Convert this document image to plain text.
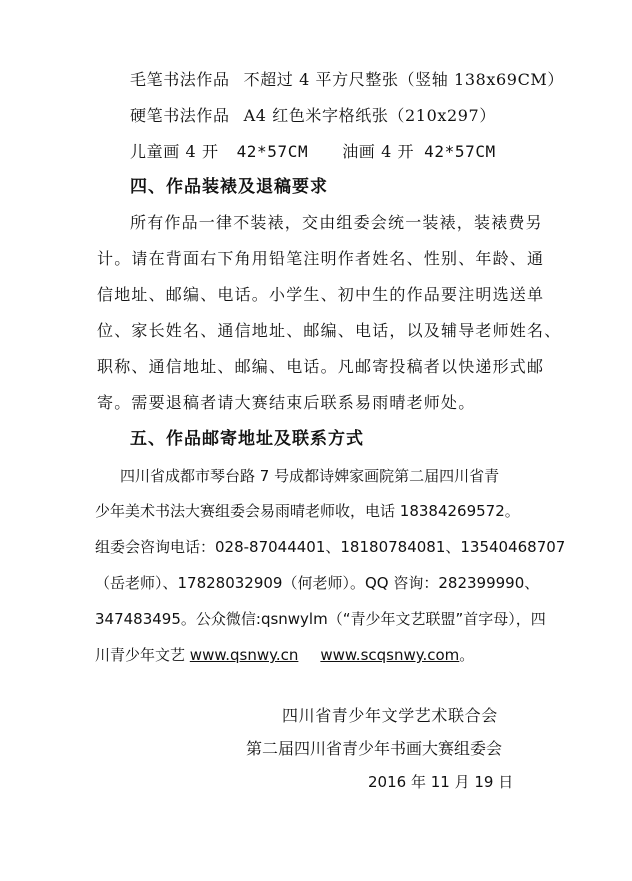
毛笔书法作品 不超过 4 平方尺整张（竖轴 138x69CM）
硬笔书法作品 A4 红色米字格纸张（210x297）
儿童画 4 开 42*57CM 油画 4 开 42*57CM
四、作品装裱及退稿要求
所有作品一律不装裱，交由组委会统一装裱，装裱费另
计。请在背面右下角用铅笔注明作者姓名、性别、年龄、通
信地址、邮编、电话。小学生、初中生的作品要注明选送单
位、家长姓名、通信地址、邮编、电话，以及辅导老师姓名、
职称、通信地址、邮编、电话。凡邮寄投稿者以快递形式邮
寄。需要退稿者请大赛结束后联系易雨晴老师处。
五、作品邮寄地址及联系方式
四川省成都市琴台路 7 号成都诗婢家画院第二届四川省青
少年美术书法大赛组委会易雨晴老师收，电话 18384269572。
组委会咨询电话：028-87044401、18180784081、13540468707
（岳老师）、17828032909（何老师）。QQ 咨询：282399990、
347483495。公众微信:qsnwylm（“青少年文艺联盟”首字母），四
川青少年文艺 www.qsnwy.cn www.scqsnwy.com。
四川省青少年文学艺术联合会
第二届四川省青少年书画大赛组委会
2016 年 11 月 19 日
